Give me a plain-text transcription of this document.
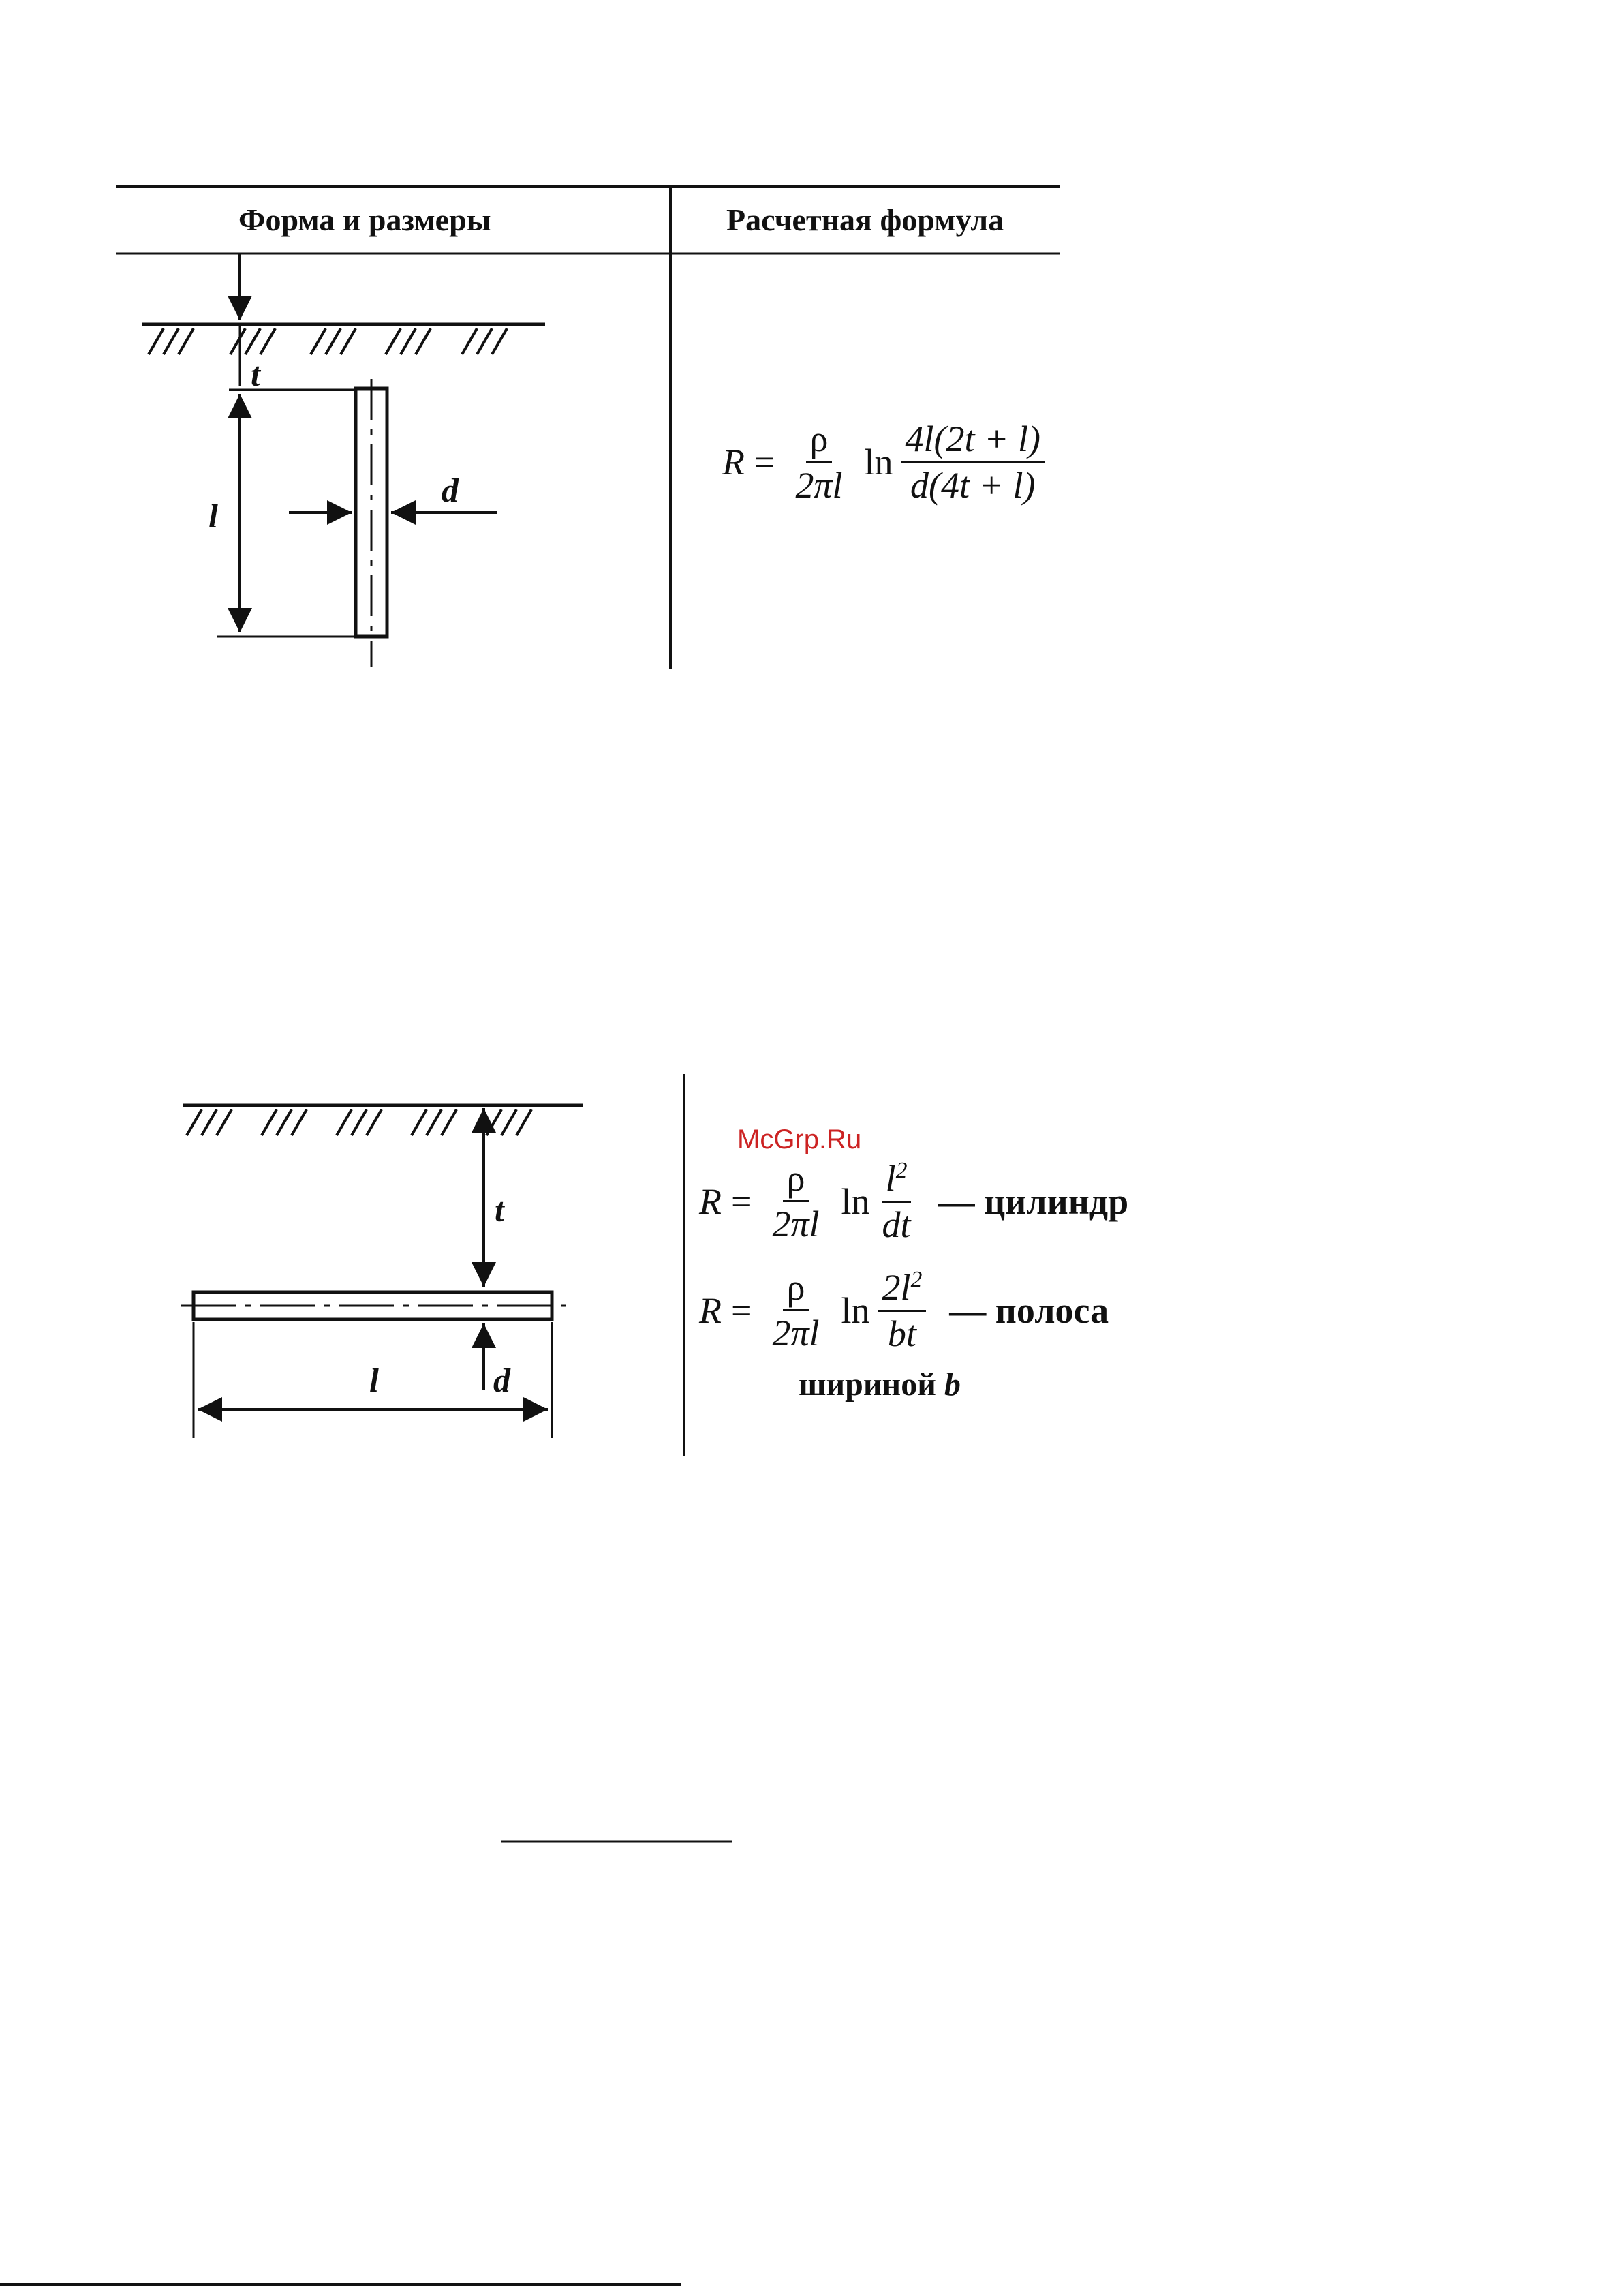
Форма и размеры	Расчетная формула
t
l
d
t
l	d
$R = \frac{\rho}{2\pi l}$ $\ln \frac{4l(2t + l)}{d(4t + l)}$
McGrp.Ru
$R = \frac{\rho}{2\pi l}$ $\ln \frac{l^2}{dt}$ — цилиндр
$R = \frac{\rho}{2\pi l}$ $\ln \frac{2l^2}{bt}$ — полоса
шириной b
